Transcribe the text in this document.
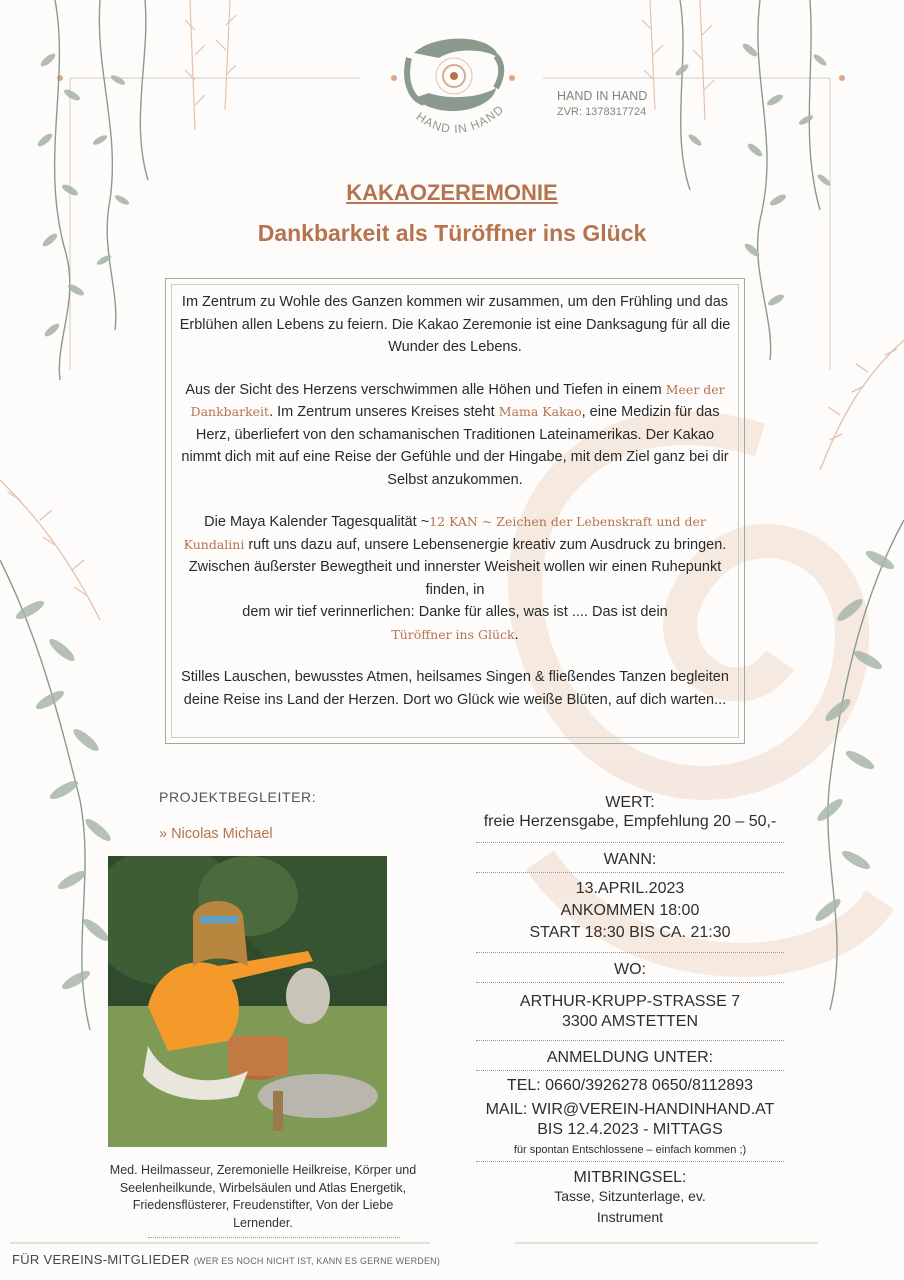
HAND IN HAND
HAND IN HAND
ZVR: 1378317724
KAKAOZEREMONIE
Dankbarkeit als Türöffner ins Glück

Im Zentrum zu Wohle des Ganzen kommen wir zusammen, um den Frühling und das Erblühen allen Lebens zu feiern. Die Kakao Zeremonie ist eine Danksagung für all die Wunder des Lebens.

Aus der Sicht des Herzens verschwimmen alle Höhen und Tiefen in einem Meer der Dankbarkeit. Im Zentrum unseres Kreises steht Mama Kakao, eine Medizin für das Herz, überliefert von den schamanischen Traditionen Lateinamerikas. Der Kakao nimmt dich mit auf eine Reise der Gefühle und der Hingabe, mit dem Ziel ganz bei dir Selbst anzukommen.

Die Maya Kalender Tagesqualität ~12 KAN ~ Zeichen der Lebenskraft und der Kundalini ruft uns dazu auf, unsere Lebensenergie kreativ zum Ausdruck zu bringen. Zwischen äußerster Bewegtheit und innerster Weisheit wollen wir einen Ruhepunkt finden, in
dem wir tief verinnerlichen: Danke für alles, was ist .... Das ist dein
Türöffner ins Glück.

Stilles Lauschen, bewusstes Atmen, heilsames Singen & fließendes Tanzen begleiten deine Reise ins Land der Herzen. Dort wo Glück wie weiße Blüten, auf dich warten...

PROJEKTBEGLEITER:
» Nicolas Michael
Med. Heilmasseur, Zeremonielle Heilkreise, Körper und Seelenheilkunde, Wirbelsäulen und Atlas Energetik, Friedensflüsterer, Freudenstifter, Von der Liebe Lernender.
WERT:
freie Herzensgabe, Empfehlung 20 – 50,-
WANN:
13.APRIL.2023
ANKOMMEN 18:00
START 18:30 BIS CA. 21:30
WO:
ARTHUR-KRUPP-STRASSE 7
3300 AMSTETTEN
ANMELDUNG UNTER:
TEL: 0660/3926278 0650/8112893
MAIL: WIR@VEREIN-HANDINHAND.AT
BIS 12.4.2023 - MITTAGS
für spontan Entschlossene – einfach kommen ;)
MITBRINGSEL:
Tasse, Sitzunterlage, ev. Instrument
FÜR VEREINS-MITGLIEDER (WER ES NOCH NICHT IST, KANN ES GERNE WERDEN)
